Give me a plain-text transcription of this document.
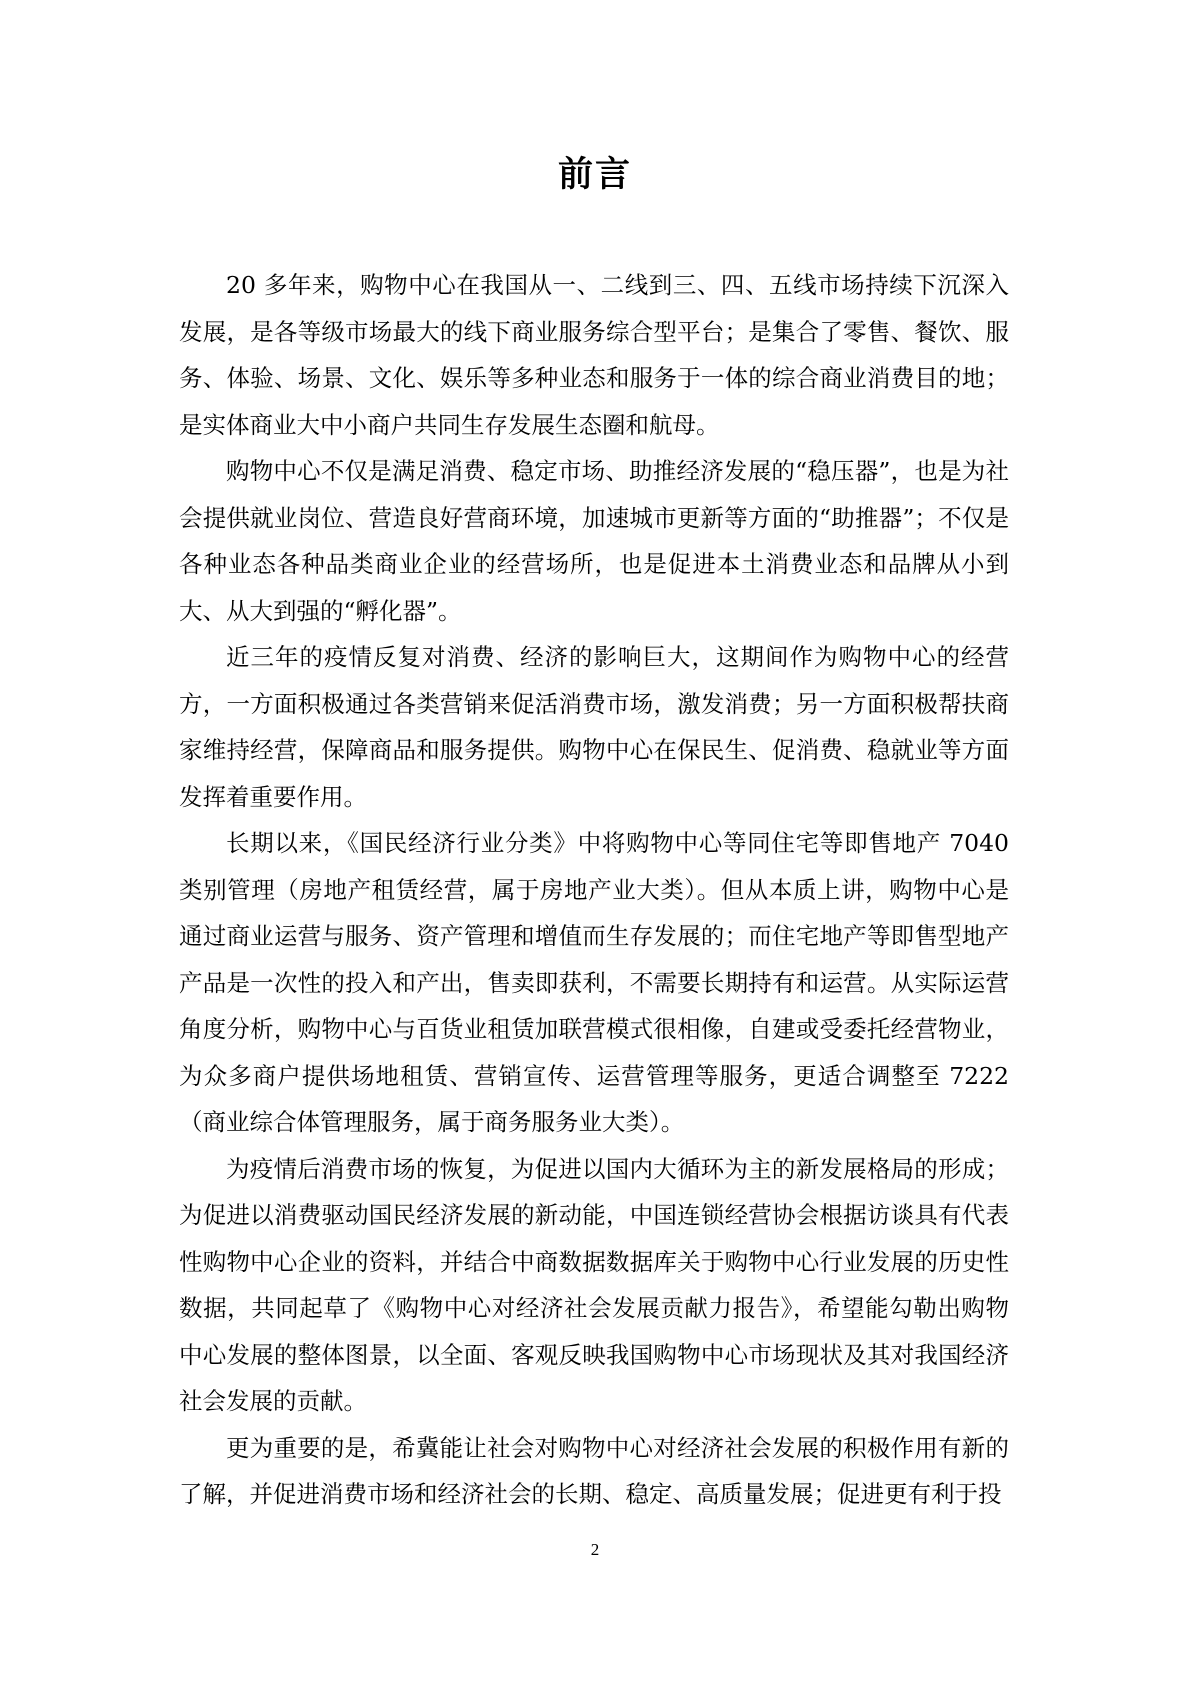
前言

20 多年来，购物中心在我国从一、二线到三、四、五线市场持续下沉深入发展，是各等级市场最大的线下商业服务综合型平台；是集合了零售、餐饮、服务、体验、场景、文化、娱乐等多种业态和服务于一体的综合商业消费目的地；是实体商业大中小商户共同生存发展生态圈和航母。

购物中心不仅是满足消费、稳定市场、助推经济发展的“稳压器”，也是为社会提供就业岗位、营造良好营商环境，加速城市更新等方面的“助推器”；不仅是各种业态各种品类商业企业的经营场所，也是促进本土消费业态和品牌从小到大、从大到强的“孵化器”。

近三年的疫情反复对消费、经济的影响巨大，这期间作为购物中心的经营方，一方面积极通过各类营销来促活消费市场，激发消费；另一方面积极帮扶商家维持经营，保障商品和服务提供。购物中心在保民生、促消费、稳就业等方面发挥着重要作用。

长期以来，《国民经济行业分类》中将购物中心等同住宅等即售地产 7040 类别管理（房地产租赁经营，属于房地产业大类）。但从本质上讲，购物中心是通过商业运营与服务、资产管理和增值而生存发展的；而住宅地产等即售型地产产品是一次性的投入和产出，售卖即获利，不需要长期持有和运营。从实际运营角度分析，购物中心与百货业租赁加联营模式很相像，自建或受委托经营物业，为众多商户提供场地租赁、营销宣传、运营管理等服务，更适合调整至 7222（商业综合体管理服务，属于商务服务业大类）。

为疫情后消费市场的恢复，为促进以国内大循环为主的新发展格局的形成；为促进以消费驱动国民经济发展的新动能，中国连锁经营协会根据访谈具有代表性购物中心企业的资料，并结合中商数据数据库关于购物中心行业发展的历史性数据，共同起草了《购物中心对经济社会发展贡献力报告》，希望能勾勒出购物中心发展的整体图景，以全面、客观反映我国购物中心市场现状及其对我国经济社会发展的贡献。

更为重要的是，希冀能让社会对购物中心对经济社会发展的积极作用有新的了解，并促进消费市场和经济社会的长期、稳定、高质量发展；促进更有利于投

2
